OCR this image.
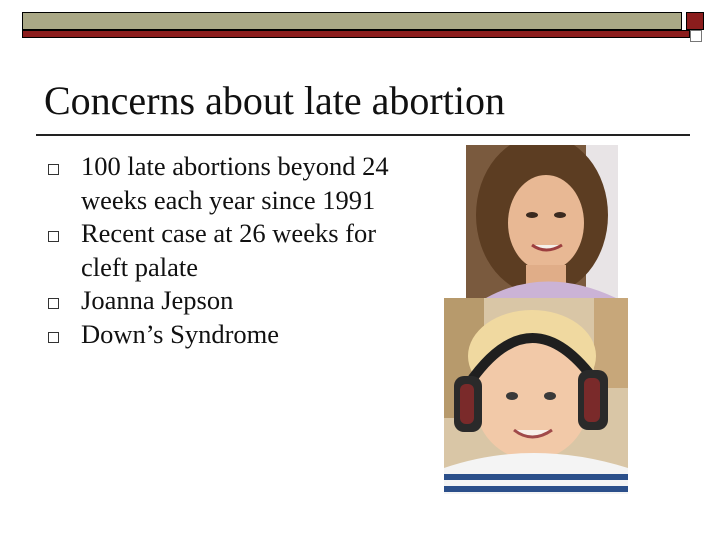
Concerns about late abortion
100 late abortions beyond 24 weeks each year since 1991
Recent case at 26 weeks for cleft palate
Joanna Jepson
Down’s Syndrome
